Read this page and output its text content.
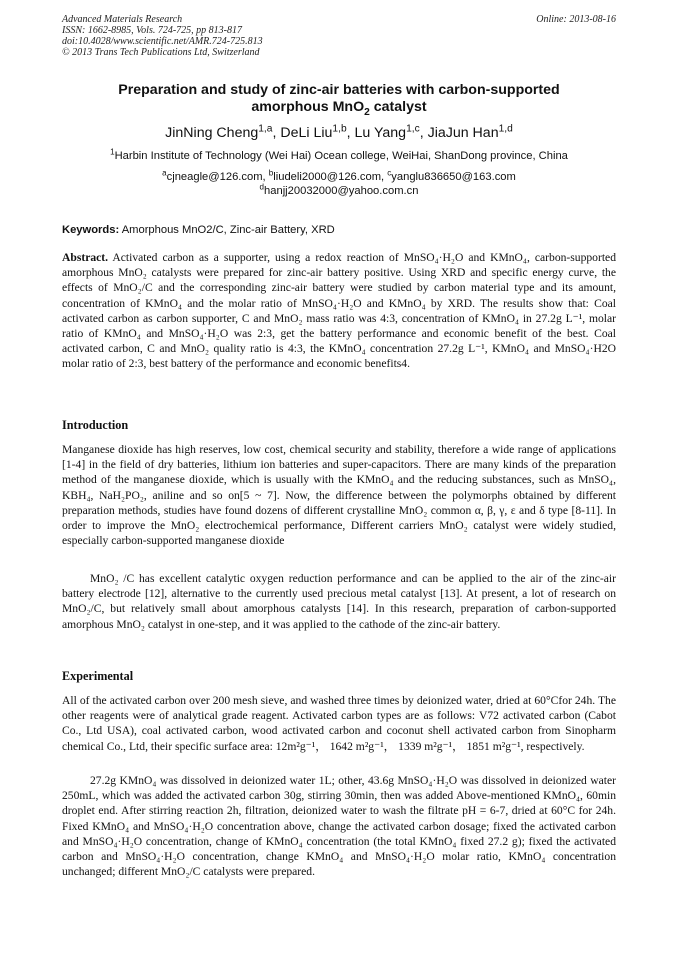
Advanced Materials Research
ISSN: 1662-8985, Vols. 724-725, pp 813-817
doi:10.4028/www.scientific.net/AMR.724-725.813
© 2013 Trans Tech Publications Ltd, Switzerland
Online: 2013-08-16
Preparation and study of zinc-air batteries with carbon-supported
amorphous MnO$_2$ catalyst
JinNing Cheng$^{1,a}$, DeLi Liu$^{1,b}$, Lu Yang$^{1,c}$, JiaJun Han$^{1,d}$
$^1$Harbin Institute of Technology (Wei Hai) Ocean college, WeiHai, ShanDong province, China
$^a$cjneagle@126.com, $^b$liudeli2000@126.com, $^c$yanglu836650@163.com
$^d$hanjj20032000@yahoo.com.cn
Keywords: Amorphous MnO2/C, Zinc-air Battery, XRD

Abstract. Activated carbon as a supporter, using a redox reaction of MnSO₄·H₂O and KMnO₄, carbon-supported amorphous MnO₂ catalysts were prepared for zinc-air battery positive. Using XRD and specific energy curve, the effects of MnO₂/C and the corresponding zinc-air battery were studied by carbon material type and its amount, concentration of KMnO₄ and the molar ratio of MnSO₄·H₂O and KMnO₄ by XRD. The results show that: Coal activated carbon as carbon supporter, C and MnO₂ mass ratio was 4:3, concentration of KMnO₄ in 27.2g L⁻¹, molar ratio of KMnO₄ and MnSO₄·H₂O was 2:3, get the battery performance and economic benefit of the best. Coal activated carbon, C and MnO₂ quality ratio is 4:3, the KMnO₄ concentration 27.2g L⁻¹, KMnO₄ and MnSO₄·H2O molar ratio of 2:3, best battery of the performance and economic benefits4.

Introduction

Manganese dioxide has high reserves, low cost, chemical security and stability, therefore a wide range of applications [1-4] in the field of dry batteries, lithium ion batteries and super-capacitors. There are many kinds of the preparation method of the manganese dioxide, which is usually with the KMnO₄ and the reducing substances, such as MnSO₄, KBH₄, NaH₂PO₂, aniline and so on[5 ~ 7]. Now, the difference between the polymorphs obtained by different preparation methods, studies have found dozens of different crystalline MnO₂ common α, β, γ, ε and δ type [8-11]. In order to improve the MnO₂ electrochemical performance, Different carriers MnO₂ catalyst were widely studied, especially carbon-supported manganese dioxide

MnO₂ /C has excellent catalytic oxygen reduction performance and can be applied to the air of the zinc-air battery electrode [12], alternative to the currently used precious metal catalyst [13]. At present, a lot of research on MnO₂/C, but relatively small about amorphous catalysts [14]. In this research, preparation of carbon-supported amorphous MnO₂ catalyst in one-step, and it was applied to the cathode of the zinc-air battery.

Experimental

All of the activated carbon over 200 mesh sieve, and washed three times by deionized water, dried at 60°Cfor 24h. The other reagents were of analytical grade reagent. Activated carbon types are as follows: V72 activated carbon (Cabot Co., Ltd USA), coal activated carbon, wood activated carbon and coconut shell activated carbon from Sinopharm chemical Co., Ltd, their specific surface area: 12m²g⁻¹， 1642 m²g⁻¹， 1339 m²g⁻¹， 1851 m²g⁻¹, respectively.

27.2g KMnO₄ was dissolved in deionized water 1L; other, 43.6g MnSO₄·H₂O was dissolved in deionized water 250mL, which was added the activated carbon 30g, stirring 30min, then was added Above-mentioned KMnO₄, 60min droplet end. After stirring reaction 2h, filtration, deionized water to wash the filtrate pH = 6-7, dried at 60°C for 24h. Fixed KMnO₄ and MnSO₄·H₂O concentration above, change the activated carbon dosage; fixed the activated carbon and MnSO₄·H₂O concentration, change of KMnO₄ concentration (the total KMnO₄ fixed 27.2 g); fixed the activated carbon and MnSO₄·H₂O concentration, change KMnO₄ and MnSO₄·H₂O molar ratio, KMnO₄ concentration unchanged; different MnO₂/C catalysts were prepared.
